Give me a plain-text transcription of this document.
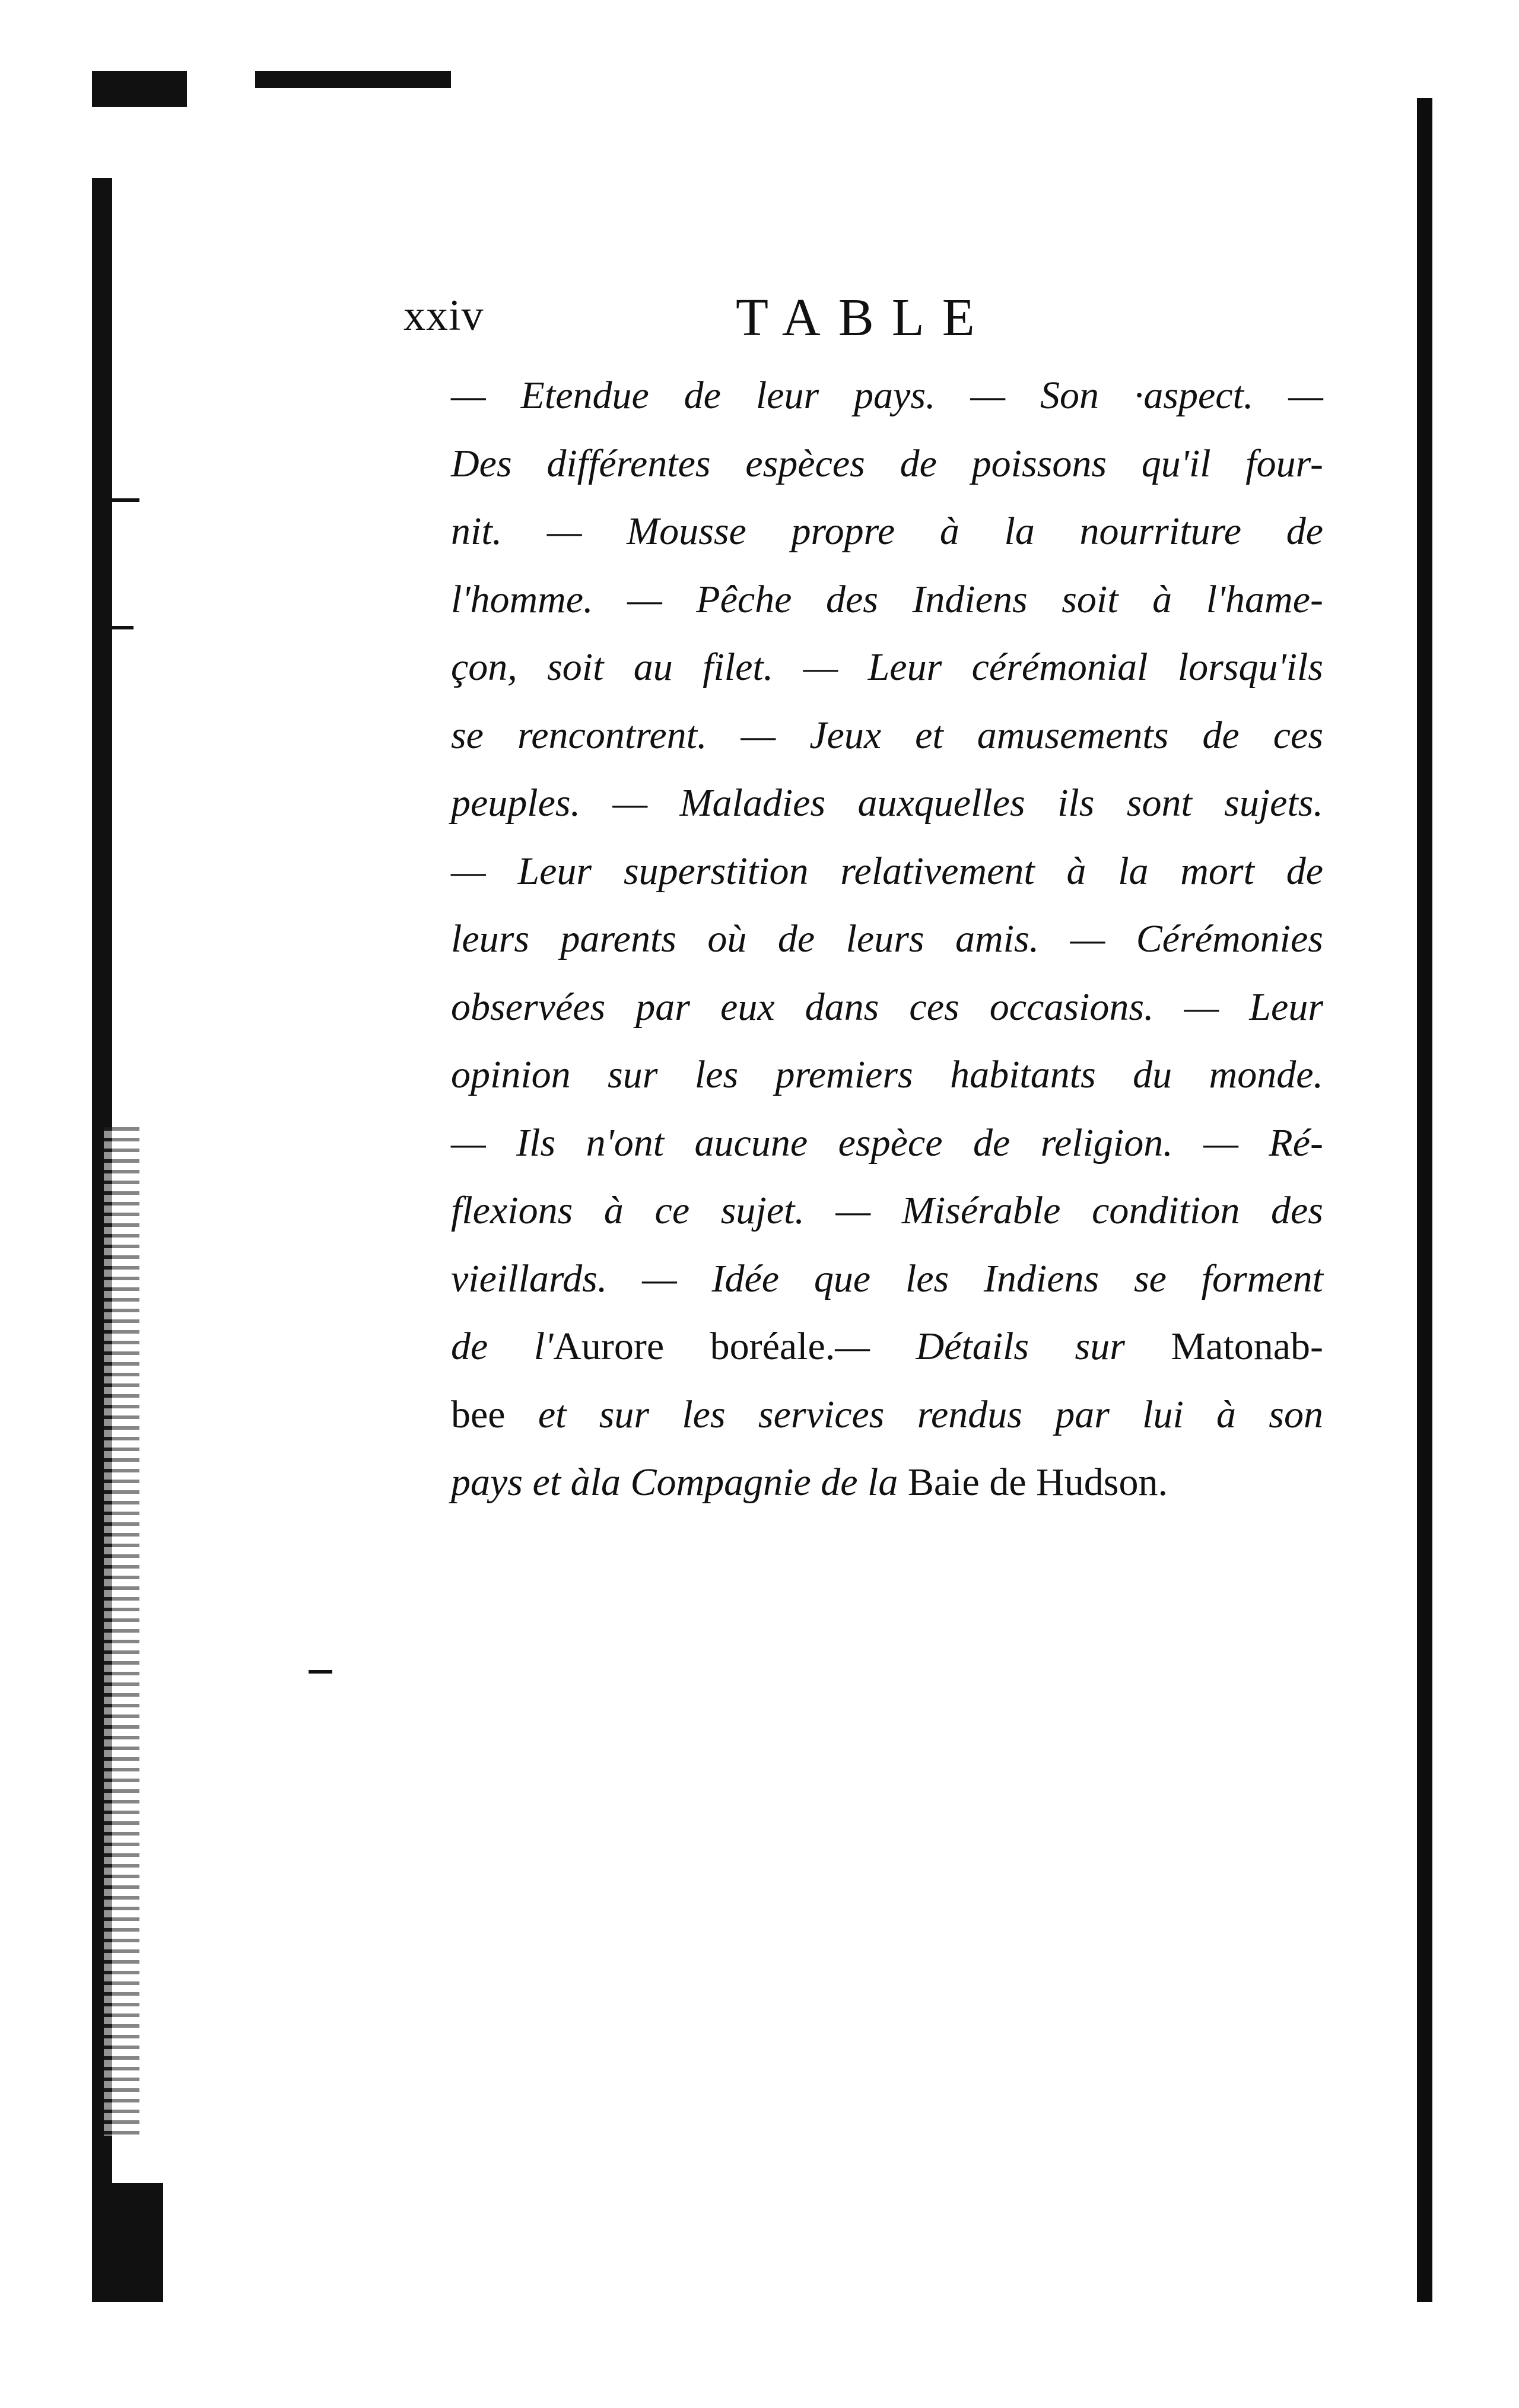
xxiv	TABLE
— Etendue de leur pays. — Son ·aspect. —
Des différentes espèces de poissons qu'il four-
nit. — Mousse propre à la nourriture de
l'homme. — Pêche des Indiens soit à l'hame-
çon, soit au filet. — Leur cérémonial lorsqu'ils
se rencontrent. — Jeux et amusements de ces
peuples. — Maladies auxquelles ils sont sujets.
— Leur superstition relativement à la mort de
leurs parents où de leurs amis. — Cérémonies
observées par eux dans ces occasions. — Leur
opinion sur les premiers habitants du monde.
— Ils n'ont aucune espèce de religion. — Ré-
flexions à ce sujet. — Misérable condition des
vieillards. — Idée que les Indiens se forment
de l'Aurore boréale.— Détails sur Matonab-
bee et sur les services rendus par lui à son
pays et àla Compagnie de la Baie de Hudson.
